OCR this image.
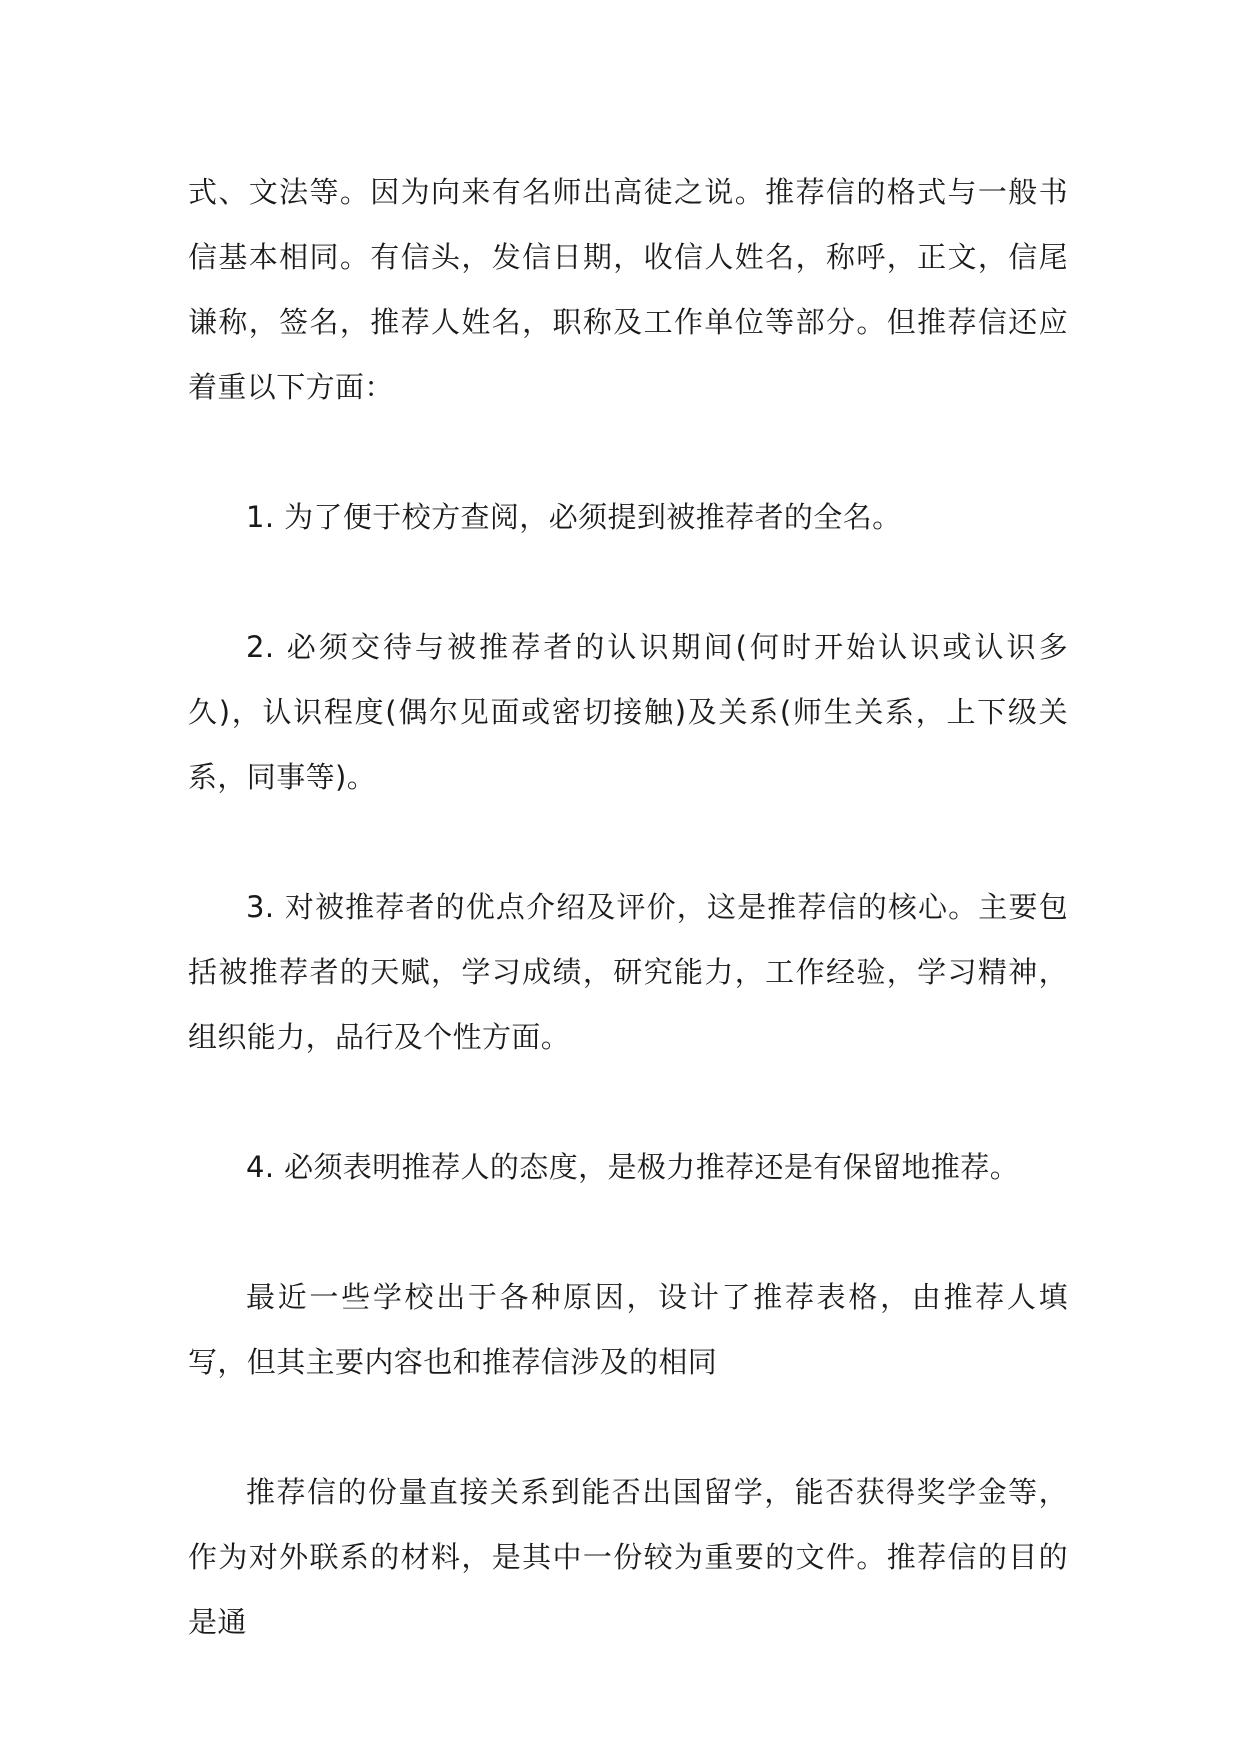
式、文法等。因为向来有名师出高徒之说。推荐信的格式与一般书信基本相同。有信头，发信日期，收信人姓名，称呼，正文，信尾谦称，签名，推荐人姓名，职称及工作单位等部分。但推荐信还应着重以下方面：

1. 为了便于校方查阅，必须提到被推荐者的全名。

2. 必须交待与被推荐者的认识期间(何时开始认识或认识多久)，认识程度(偶尔见面或密切接触)及关系(师生关系，上下级关系，同事等)。

3. 对被推荐者的优点介绍及评价，这是推荐信的核心。主要包括被推荐者的天赋，学习成绩，研究能力，工作经验，学习精神，组织能力，品行及个性方面。

4. 必须表明推荐人的态度，是极力推荐还是有保留地推荐。

最近一些学校出于各种原因，设计了推荐表格，由推荐人填写，但其主要内容也和推荐信涉及的相同

推荐信的份量直接关系到能否出国留学，能否获得奖学金等，作为对外联系的材料，是其中一份较为重要的文件。推荐信的目的是通
